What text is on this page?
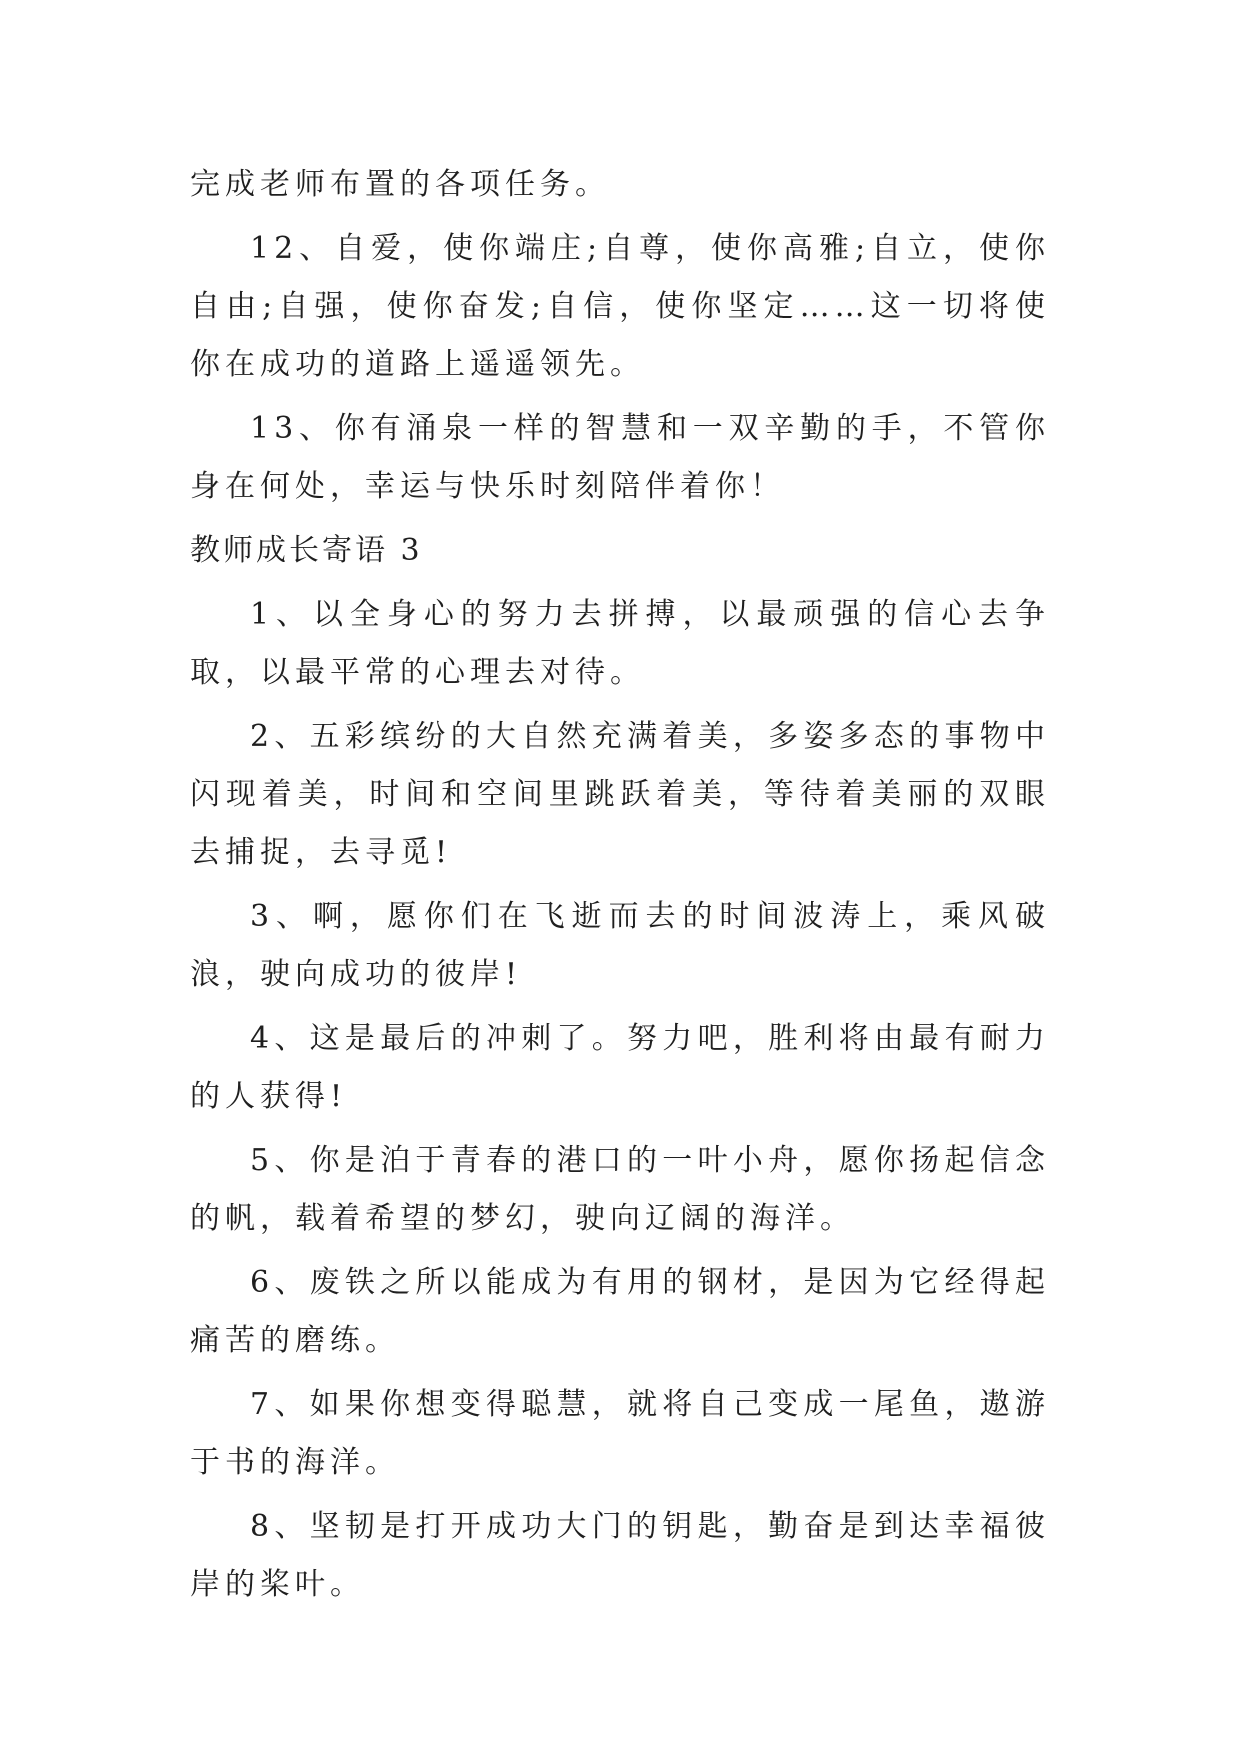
完成老师布置的各项任务。

12、自爱，使你端庄;自尊，使你高雅;自立，使你自由;自强，使你奋发;自信，使你坚定……这一切将使你在成功的道路上遥遥领先。

13、你有涌泉一样的智慧和一双辛勤的手，不管你身在何处，幸运与快乐时刻陪伴着你！

教师成长寄语 3

1、以全身心的努力去拼搏，以最顽强的信心去争取，以最平常的心理去对待。

2、五彩缤纷的大自然充满着美，多姿多态的事物中闪现着美，时间和空间里跳跃着美，等待着美丽的双眼去捕捉，去寻觅!

3、啊，愿你们在飞逝而去的时间波涛上，乘风破浪，驶向成功的彼岸!

4、这是最后的冲刺了。努力吧，胜利将由最有耐力的人获得!

5、你是泊于青春的港口的一叶小舟，愿你扬起信念的帆，载着希望的梦幻，驶向辽阔的海洋。

6、废铁之所以能成为有用的钢材，是因为它经得起痛苦的磨练。

7、如果你想变得聪慧，就将自己变成一尾鱼，遨游于书的海洋。

8、坚韧是打开成功大门的钥匙，勤奋是到达幸福彼岸的桨叶。
